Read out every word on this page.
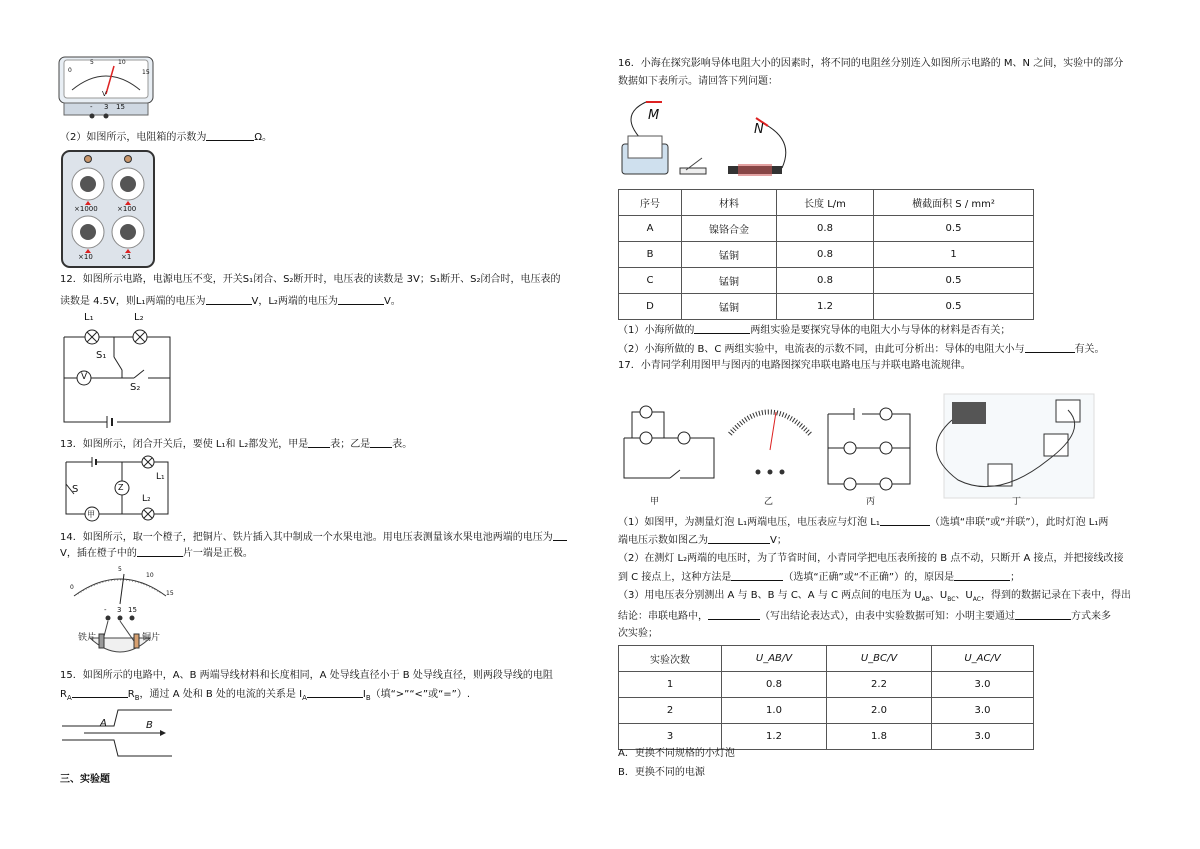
0
5	10
15
V
- 3 15
（2）如图所示，电阻箱的示数为	Ω。
×1000	×100
×10	×1
12．如图所示电路，电源电压不变，开关S₁闭合、S₂断开时，电压表的读数是 3V；S₁断开、S₂闭合时，电压表的
读数是 4.5V，则L₁两端的电压为	V，L₂两端的电压为	V。
L₁	L₂
S₁
S₂
V
13．如图所示，闭合开关后，要使 L₁和 L₂都发光，甲是 表；乙是 表。
S
甲
Z
L₁
L₂
14．如图所示，取一个橙子，把铜片、铁片插入其中制成一个水果电池。用电压表测量该水果电池两端的电压为
V，插在橙子中的	片一端是正极。
0
5
10
15
- 3 15
铁片	铜片
15．如图所示的电路中，A、B 两端导线材料和长度相同，A 处导线直径小于 B 处导线直径，则两段导线的电阻
$R_A$	$R_B$，通过 A 处和 B 处的电流的关系是 $I_A$	$I_B$（填“>”“<”或“=”）.
A	B
三、实验题
16．小海在探究影响导体电阻大小的因素时，将不同的电阻丝分别连入如图所示电路的 M、N 之间，实验中的部分
数据如下表所示。请回答下列问题：
M
N
序号	材料	长度 L/m	横截面积 S / mm²
A	镍铬合金	0.8	0.5
B	锰铜	0.8	1
C	锰铜	0.8	0.5
D	锰铜	1.2	0.5
（1）小海所做的	两组实验是要探究导体的电阻大小与导体的材料是否有关；
（2）小海所做的 B、C 两组实验中，电流表的示数不同，由此可分析出：导体的电阻大小与	有关。
17．小青同学利用图甲与图丙的电路图探究串联电路电压与并联电路电流规律。
甲	乙	丙	丁
（1）如图甲，为测量灯泡 L₁两端电压，电压表应与灯泡 L₁	（选填“串联”或“并联”），此时灯泡 L₁两
端电压示数如图乙为	V；
（2）在测灯 L₂两端的电压时，为了节省时间，小青同学把电压表所接的 B 点不动，只断开 A 接点，并把接线改接
到 C 接点上，这种方法是	（选填“正确”或“不正确”）的，原因是	；
（3）用电压表分别测出 A 与 B、B 与 C、A 与 C 两点间的电压为 $U_{AB}$、$U_{BC}$、$U_{AC}$，得到的数据记录在下表中，得出
结论：串联电路中，	（写出结论表达式），由表中实验数据可知：小明主要通过	方式来多
次实验；
实验次数	U_AB/V	U_BC/V	U_AC/V
1	0.8	2.2	3.0
2	1.0	2.0	3.0
3	1.2	1.8	3.0
A．更换不同规格的小灯泡
B．更换不同的电源
